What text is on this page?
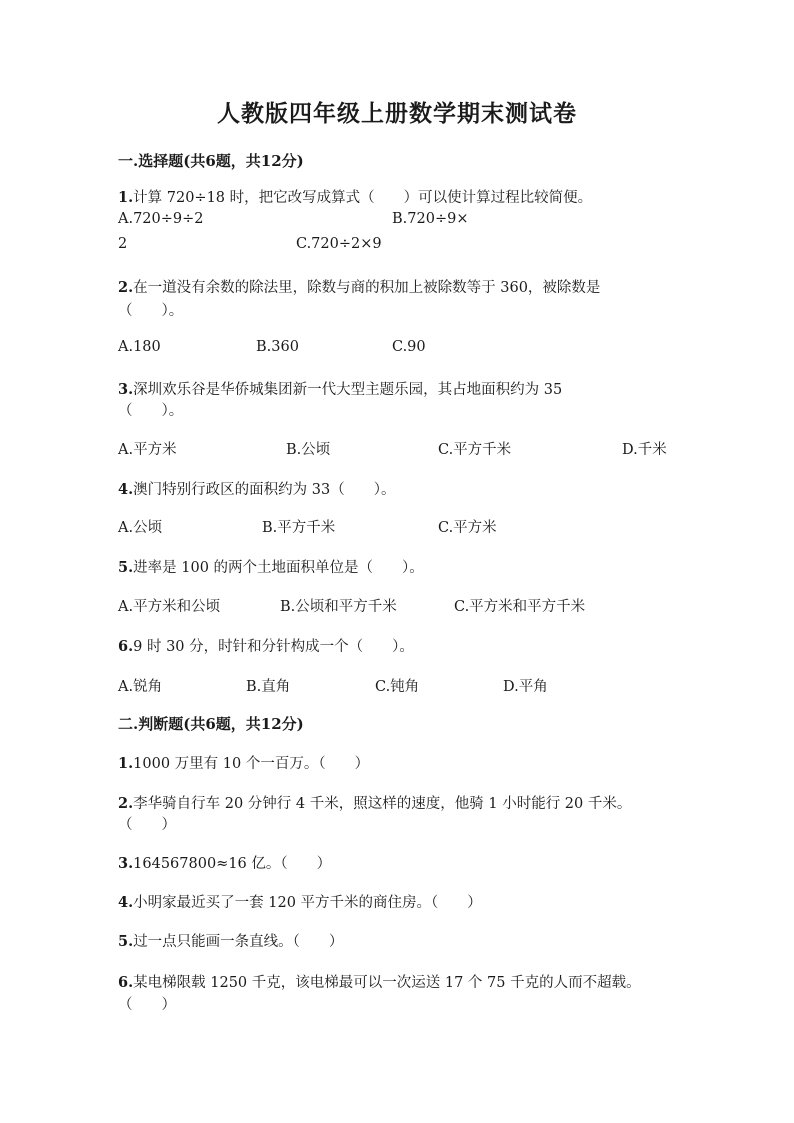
人教版四年级上册数学期末测试卷
一.选择题(共6题，共12分)
1.计算 720÷18 时，把它改写成算式（　　）可以使计算过程比较简便。
A.720÷9÷2	B.720÷9×
2	C.720÷2×9
2.在一道没有余数的除法里，除数与商的积加上被除数等于 360，被除数是
（　　）。
A.180	B.360	C.90
3.深圳欢乐谷是华侨城集团新一代大型主题乐园，其占地面积约为 35
（　　）。
A.平方米	B.公顷	C.平方千米	D.千米
4.澳门特别行政区的面积约为 33（　　）。
A.公顷	B.平方千米	C.平方米
5.进率是 100 的两个土地面积单位是（　　）。
A.平方米和公顷	B.公顷和平方千米	C.平方米和平方千米
6.9 时 30 分，时针和分针构成一个（　　）。
A.锐角	B.直角	C.钝角	D.平角
二.判断题(共6题，共12分)
1.1000 万里有 10 个一百万。（　　）
2.李华骑自行车 20 分钟行 4 千米，照这样的速度，他骑 1 小时能行 20 千米。
（　　）
3.164567800≈16 亿。（　　）
4.小明家最近买了一套 120 平方千米的商住房。（　　）
5.过一点只能画一条直线。（　　）
6.某电梯限载 1250 千克，该电梯最可以一次运送 17 个 75 千克的人而不超载。
（　　）
